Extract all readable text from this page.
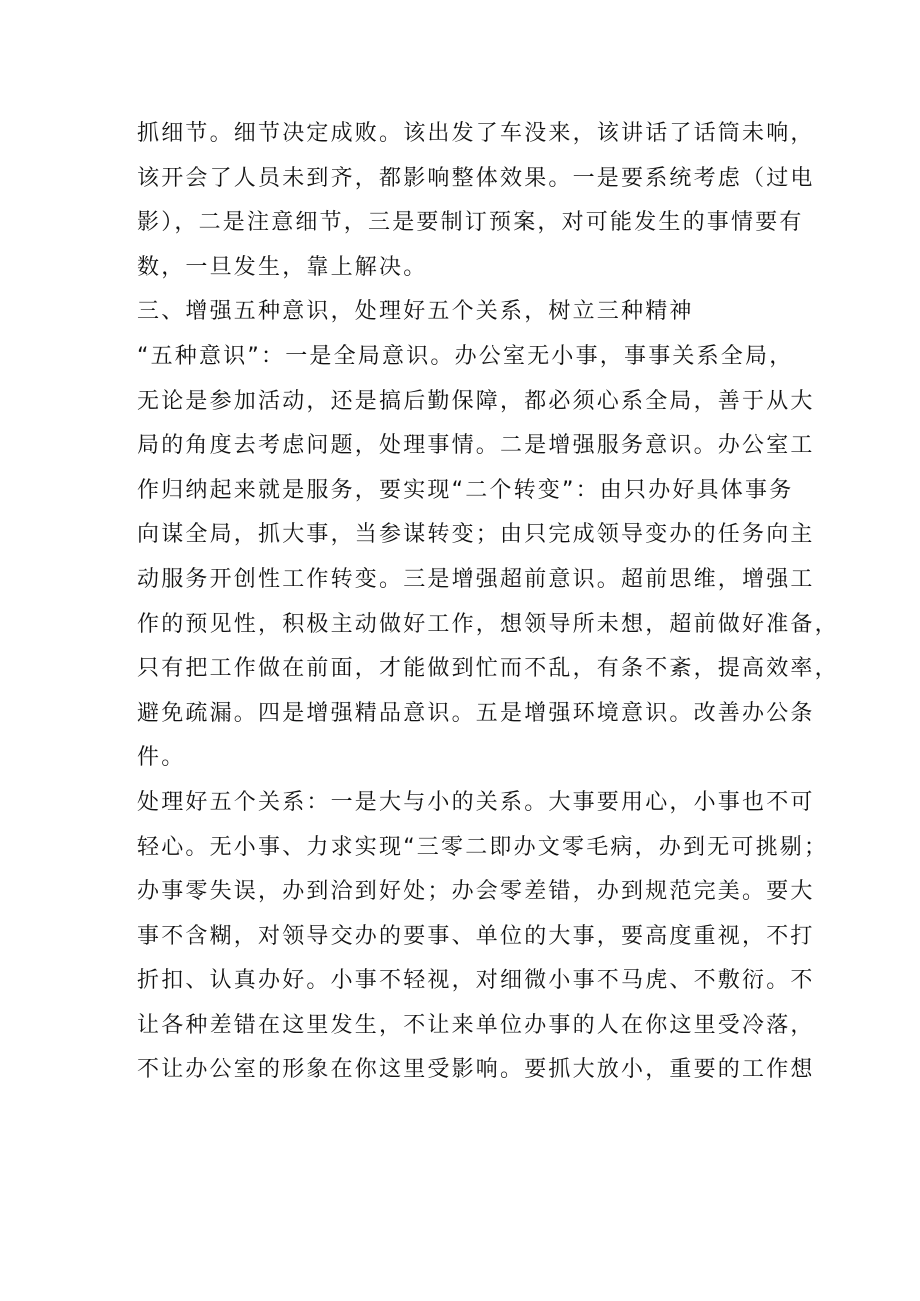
抓细节。细节决定成败。该出发了车没来，该讲话了话筒未响，
该开会了人员未到齐，都影响整体效果。一是要系统考虑（过电
影），二是注意细节，三是要制订预案，对可能发生的事情要有
数，一旦发生，靠上解决。
三、增强五种意识，处理好五个关系，树立三种精神
“五种意识”：一是全局意识。办公室无小事，事事关系全局，
无论是参加活动，还是搞后勤保障，都必须心系全局，善于从大
局的角度去考虑问题，处理事情。二是增强服务意识。办公室工
作归纳起来就是服务，要实现“二个转变”：由只办好具体事务
向谋全局，抓大事，当参谋转变；由只完成领导变办的任务向主
动服务开创性工作转变。三是增强超前意识。超前思维，增强工
作的预见性，积极主动做好工作，想领导所未想，超前做好准备，
只有把工作做在前面，才能做到忙而不乱，有条不紊，提高效率，
避免疏漏。四是增强精品意识。五是增强环境意识。改善办公条
件。
处理好五个关系：一是大与小的关系。大事要用心，小事也不可
轻心。无小事、力求实现“三零二即办文零毛病，办到无可挑剔；
办事零失误，办到洽到好处；办会零差错，办到规范完美。要大
事不含糊，对领导交办的要事、单位的大事，要高度重视，不打
折扣、认真办好。小事不轻视，对细微小事不马虎、不敷衍。不
让各种差错在这里发生，不让来单位办事的人在你这里受冷落，
不让办公室的形象在你这里受影响。要抓大放小，重要的工作想
